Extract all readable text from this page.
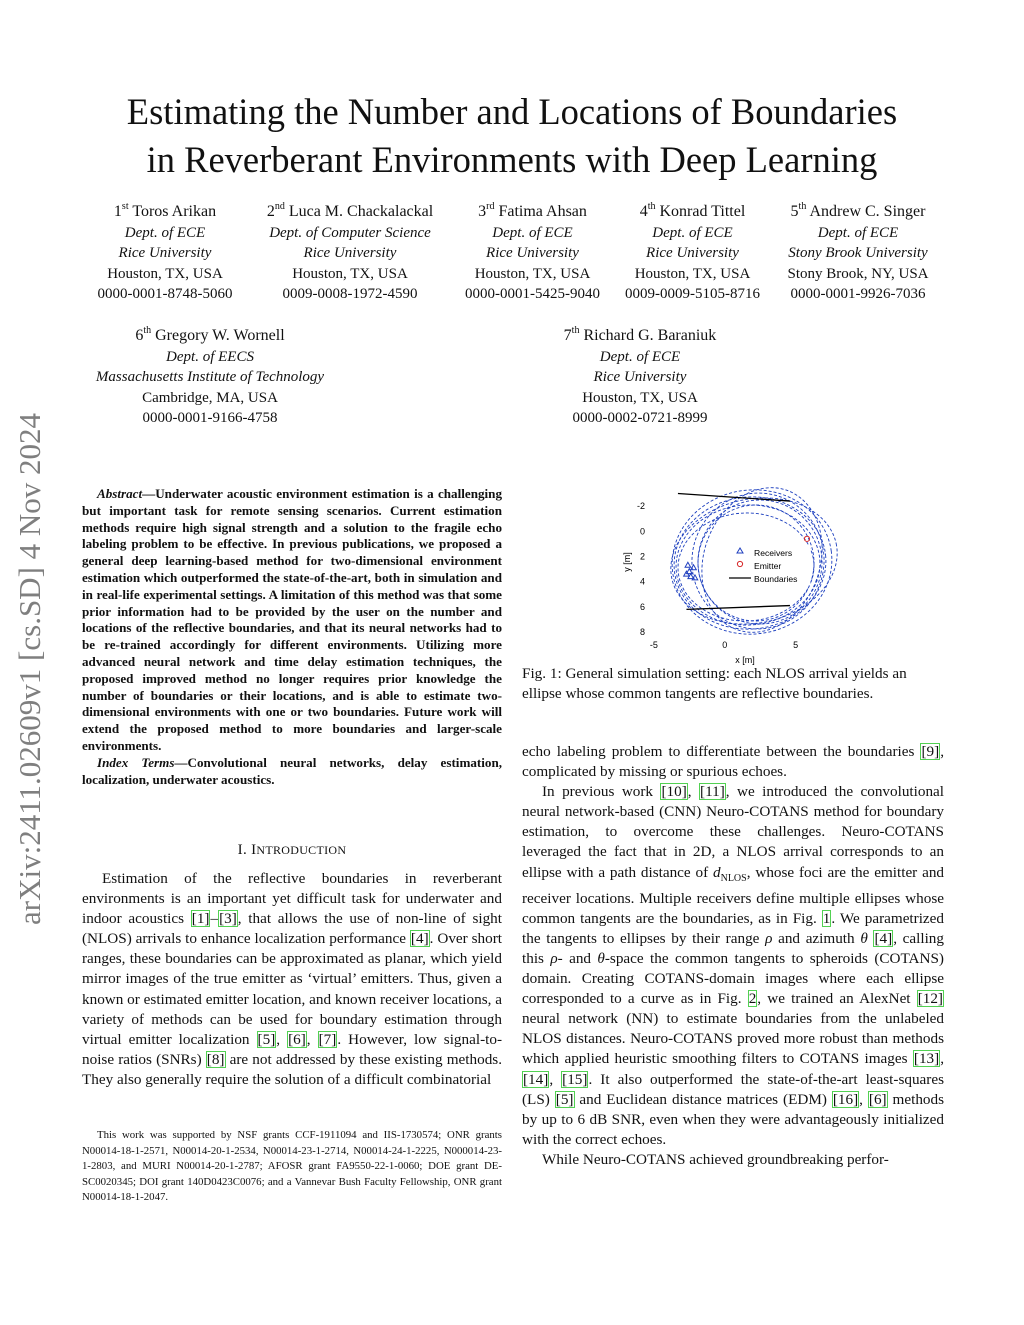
arXiv:2411.02609v1 [cs.SD] 4 Nov 2024
Estimating the Number and Locations of Boundaries
in Reverberant Environments with Deep Learning
1st Toros Arikan
Dept. of ECE
Rice University
Houston, TX, USA
0000-0001-8748-5060
2nd Luca M. Chackalackal
Dept. of Computer Science
Rice University
Houston, TX, USA
0009-0008-1972-4590
3rd Fatima Ahsan
Dept. of ECE
Rice University
Houston, TX, USA
0000-0001-5425-9040
4th Konrad Tittel
Dept. of ECE
Rice University
Houston, TX, USA
0009-0009-5105-8716
5th Andrew C. Singer
Dept. of ECE
Stony Brook University
Stony Brook, NY, USA
0000-0001-9926-7036
6th Gregory W. Wornell
Dept. of EECS
Massachusetts Institute of Technology
Cambridge, MA, USA
0000-0001-9166-4758
7th Richard G. Baraniuk
Dept. of ECE
Rice University
Houston, TX, USA
0000-0002-0721-8999

Abstract—Underwater acoustic environment estimation is a challenging but important task for remote sensing scenarios. Current estimation methods require high signal strength and a solution to the fragile echo labeling problem to be effective. In previous publications, we proposed a general deep learning-based method for two-dimensional environment estimation which outperformed the state-of-the-art, both in simulation and in real-life experimental settings. A limitation of this method was that some prior information had to be provided by the user on the number and locations of the reflective boundaries, and that its neural networks had to be re-trained accordingly for different environments. Utilizing more advanced neural network and time delay estimation techniques, the proposed improved method no longer requires prior knowledge the number of boundaries or their locations, and is able to estimate two-dimensional environments with one or two boundaries. Future work will extend the proposed method to more boundaries and larger-scale environments.

Index Terms—Convolutional neural networks, delay estimation, localization, underwater acoustics.

I. INTRODUCTION

Estimation of the reflective boundaries in reverberant environments is an important yet difficult task for underwater and indoor acoustics [1]–[3], that allows the use of non-line of sight (NLOS) arrivals to enhance localization performance [4]. Over short ranges, these boundaries can be approximated as planar, which yield mirror images of the true emitter as ‘virtual’ emitters. Thus, given a known or estimated emitter location, and known receiver locations, a variety of methods can be used for boundary estimation through virtual emitter localization [5], [6], [7]. However, low signal-to-noise ratios (SNRs) [8] are not addressed by these existing methods. They also generally require the solution of a difficult combinatorial

This work was supported by NSF grants CCF-1911094 and IIS-1730574; ONR grants N00014-18-1-2571, N00014-20-1-2534, N00014-23-1-2714, N00014-24-1-2225, N000014-23-1-2803, and MURI N00014-20-1-2787; AFOSR grant FA9550-22-1-0060; DOE grant DE-SC0020345; DOI grant 140D0423C0076; and a Vannevar Bush Faculty Fellowship, ONR grant N00014-18-1-2047.

-5	0	5
-2
0
2
4
6
8
Receivers
Emitter
Boundaries
y [m]
x [m]
Fig. 1: General simulation setting: each NLOS arrival yields an ellipse whose common tangents are reflective boundaries.

echo labeling problem to differentiate between the boundaries [9], complicated by missing or spurious echoes.

In previous work [10], [11], we introduced the convolutional neural network-based (CNN) Neuro-COTANS method for boundary estimation, to overcome these challenges. Neuro-COTANS leveraged the fact that in 2D, a NLOS arrival corresponds to an ellipse with a path distance of $d_{NLOS}$, whose foci are the emitter and receiver locations. Multiple receivers define multiple ellipses whose common tangents are the boundaries, as in Fig. 1. We parametrized the tangents to ellipses by their range ρ and azimuth θ [4], calling this ρ- and θ-space the common tangents to spheroids (COTANS) domain. Creating COTANS-domain images where each ellipse corresponded to a curve as in Fig. 2, we trained an AlexNet [12] neural network (NN) to estimate boundaries from the unlabeled NLOS distances. Neuro-COTANS proved more robust than methods which applied heuristic smoothing filters to COTANS images [13], [14], [15]. It also outperformed the state-of-the-art least-squares (LS) [5] and Euclidean distance matrices (EDM) [16], [6] methods by up to 6 dB SNR, even when they were advantageously initialized with the correct echoes.

While Neuro-COTANS achieved groundbreaking perfor-
